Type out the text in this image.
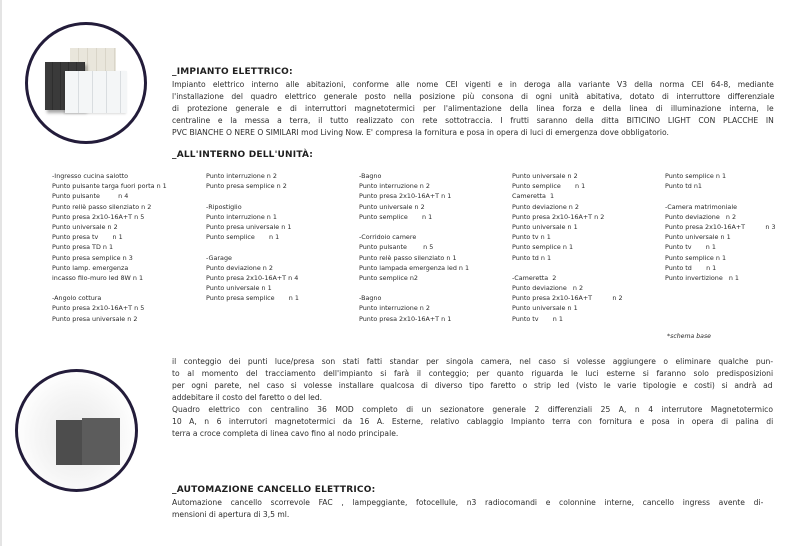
_IMPIANTO ELETTRICO:
Impianto elettrico interno alle abitazioni, conforme alle nome CEI vigenti e in deroga alla variante V3 della norma CEI 64-8, mediante
l'installazione del quadro elettrico generale posto nella posizione più consona di ogni unità abitativa, dotato di interruttore differenziale
di protezione generale e di interruttori magnetotermici per l'alimentazione della linea forza e della linea di illuminazione interna, le
centraline e la messa a terra, il tutto realizzato con rete sottotraccia. I frutti saranno della ditta BITICINO LIGHT CON PLACCHE IN
PVC BIANCHE O NERE O SIMILARI mod Living Now. E' compresa la fornitura e posa in opera di luci di emergenza dove obbligatorio.
_ALL'INTERNO DELL'UNITÀ:
-Ingresso cucina salotto
Punto pulsante targa fuori porta n 1
Punto pulsante         n 4
Punto rellè passo silenziato n 2
Punto presa 2x10-16A+T n 5
Punto universale n 2
Punto presa tv       n 1
Punto presa TD n 1
Punto presa semplice n 3
Punto lamp. emergenza
incasso filo-muro led 8W n 1
-Angolo cottura
Punto presa 2x10-16A+T n 5
Punto presa universale n 2
Punto interruzione n 2
Punto presa semplice n 2
-Ripostiglio
Punto interruzione n 1
Punto presa universale n 1
Punto semplice       n 1
-Garage
Punto deviazione n 2
Punto presa 2x10-16A+T n 4
Punto universale n 1
Punto presa semplice       n 1
-Bagno
Punto interruzione n 2
Punto presa 2x10-16A+T n 1
Punto universale n 2
Punto semplice       n 1
-Corridoio camere
Punto pulsante        n 5
Punto relè passo silenziato n 1
Punto lampada emergenza led n 1
Punto semplice n2
-Bagno
Punto interruzione n 2
Punto presa 2x10-16A+T n 1
Punto universale n 2
Punto semplice       n 1
Cameretta  1
Punto deviazione n 2
Punto presa 2x10-16A+T n 2
Punto universale n 1
Punto tv n 1
Punto semplice n 1
Punto td n 1
-Cameretta  2
Punto deviazione   n 2
Punto presa 2x10-16A+T          n 2
Punto universale n 1
Punto tv       n 1
Punto semplice n 1
Punto td n1
-Camera matrimoniale
Punto deviazione   n 2
Punto presa 2x10-16A+T          n 3
Punto universale n 1
Punto tv       n 1
Punto semplice n 1
Punto td       n 1
Punto invertizione   n 1
*schema base
il conteggio dei punti luce/presa son stati fatti standar per singola camera, nel caso si volesse aggiungere o eliminare qualche pun-
to al momento del tracciamento dell'impianto si farà il conteggio; per quanto riguarda le luci esterne si faranno solo predisposizioni
per ogni parete, nel caso si volesse installare qualcosa di diverso tipo faretto o strip led (visto le varie tipologie e costi) si andrà ad
addebitare il costo del faretto o del led.
Quadro elettrico con centralino 36 MOD completo di un sezionatore generale 2 differenziali 25 A, n 4 interrutore Magnetotermico
10 A, n 6 interrutori magnetotermici da 16 A. Esterne, relativo cablaggio Impianto terra con fornitura e posa in opera di palina di
terra a croce completa di linea cavo fino al nodo principale.
_AUTOMAZIONE CANCELLO ELETTRICO:
Automazione cancello scorrevole FAC , lampeggiante, fotocellule, n3 radiocomandi e colonnine interne, cancello ingress avente di-
mensioni di apertura di 3,5 ml.
